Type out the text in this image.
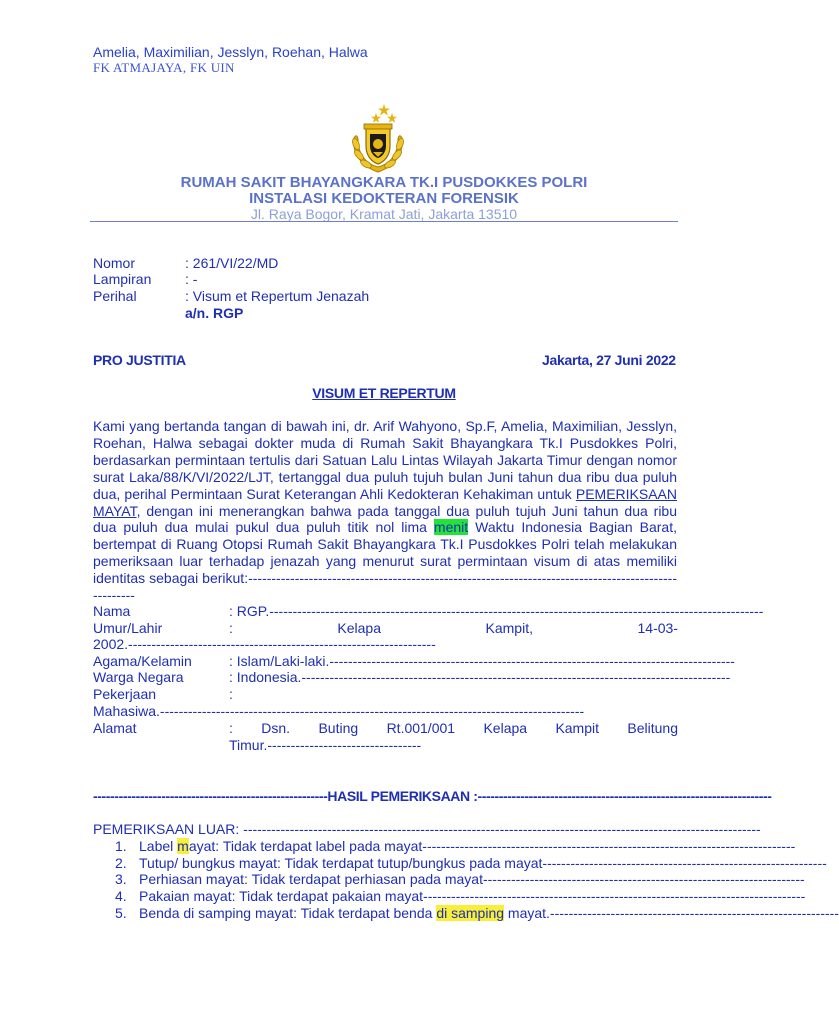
Amelia, Maximilian, Jesslyn, Roehan, Halwa
FK ATMAJAYA, FK UIN
RUMAH SAKIT BHAYANGKARA TK.I PUSDOKKES POLRI
INSTALASI KEDOKTERAN FORENSIK
Jl. Raya Bogor, Kramat Jati, Jakarta 13510
Nomor	: 261/VI/22/MD
Lampiran : -
Perihal	: Visum et Repertum Jenazah
a/n. RGP
PRO JUSTITIA	Jakarta, 27 Juni 2022
VISUM ET REPERTUM
Kami yang bertanda tangan di bawah ini, dr. Arif Wahyono, Sp.F, Amelia, Maximilian, Jesslyn, Roehan, Halwa sebagai dokter muda di Rumah Sakit Bhayangkara Tk.I Pusdokkes Polri, berdasarkan permintaan tertulis dari Satuan Lalu Lintas Wilayah Jakarta Timur dengan nomor surat Laka/88/K/VI/2022/LJT, tertanggal dua puluh tujuh bulan Juni tahun dua ribu dua puluh dua, perihal Permintaan Surat Keterangan Ahli Kedokteran Kehakiman untuk PEMERIKSAAN MAYAT, dengan ini menerangkan bahwa pada tanggal dua puluh tujuh Juni tahun dua ribu dua puluh dua mulai pukul dua puluh titik nol lima menit Waktu Indonesia Bagian Barat, bertempat di Ruang Otopsi Rumah Sakit Bhayangkara Tk.I Pusdokkes Polri telah melakukan pemeriksaan luar terhadap jenazah yang menurut surat permintaan visum di atas memiliki identitas sebagai berikut:-----------------------------------------------------------------------------------------------------
Nama	: RGP.----------------------------------------------------------------------------------------------------------
Umur/Lahir	:	Kelapa	Kampit,	14-03-
2002.------------------------------------------------------------------
Agama/Kelamin	: Islam/Laki-laki.---------------------------------------------------------------------------------------
Warga Negara	: Indonesia.--------------------------------------------------------------------------------------------
Pekerjaan	:
Mahasiwa.-------------------------------------------------------------------------------------------
Alamat	: Dsn. Buting Rt.001/001 Kelapa Kampit Belitung
Timur.---------------------------------
-------------------------------------------------------HASIL PEMERIKSAAN :---------------------------------------------------------------------
PEMERIKSAAN LUAR: ---------------------------------------------------------------------------------------------------------------
1. Label mayat: Tidak terdapat label pada mayat--------------------------------------------------------------------------------
2. Tutup/ bungkus mayat: Tidak terdapat tutup/bungkus pada mayat-------------------------------------------------------------
3. Perhiasan mayat: Tidak terdapat perhiasan pada mayat---------------------------------------------------------------------
4. Pakaian mayat: Tidak terdapat pakaian mayat----------------------------------------------------------------------------------
5. Benda di samping mayat: Tidak terdapat benda di samping mayat.--------------------------------------------------------------
